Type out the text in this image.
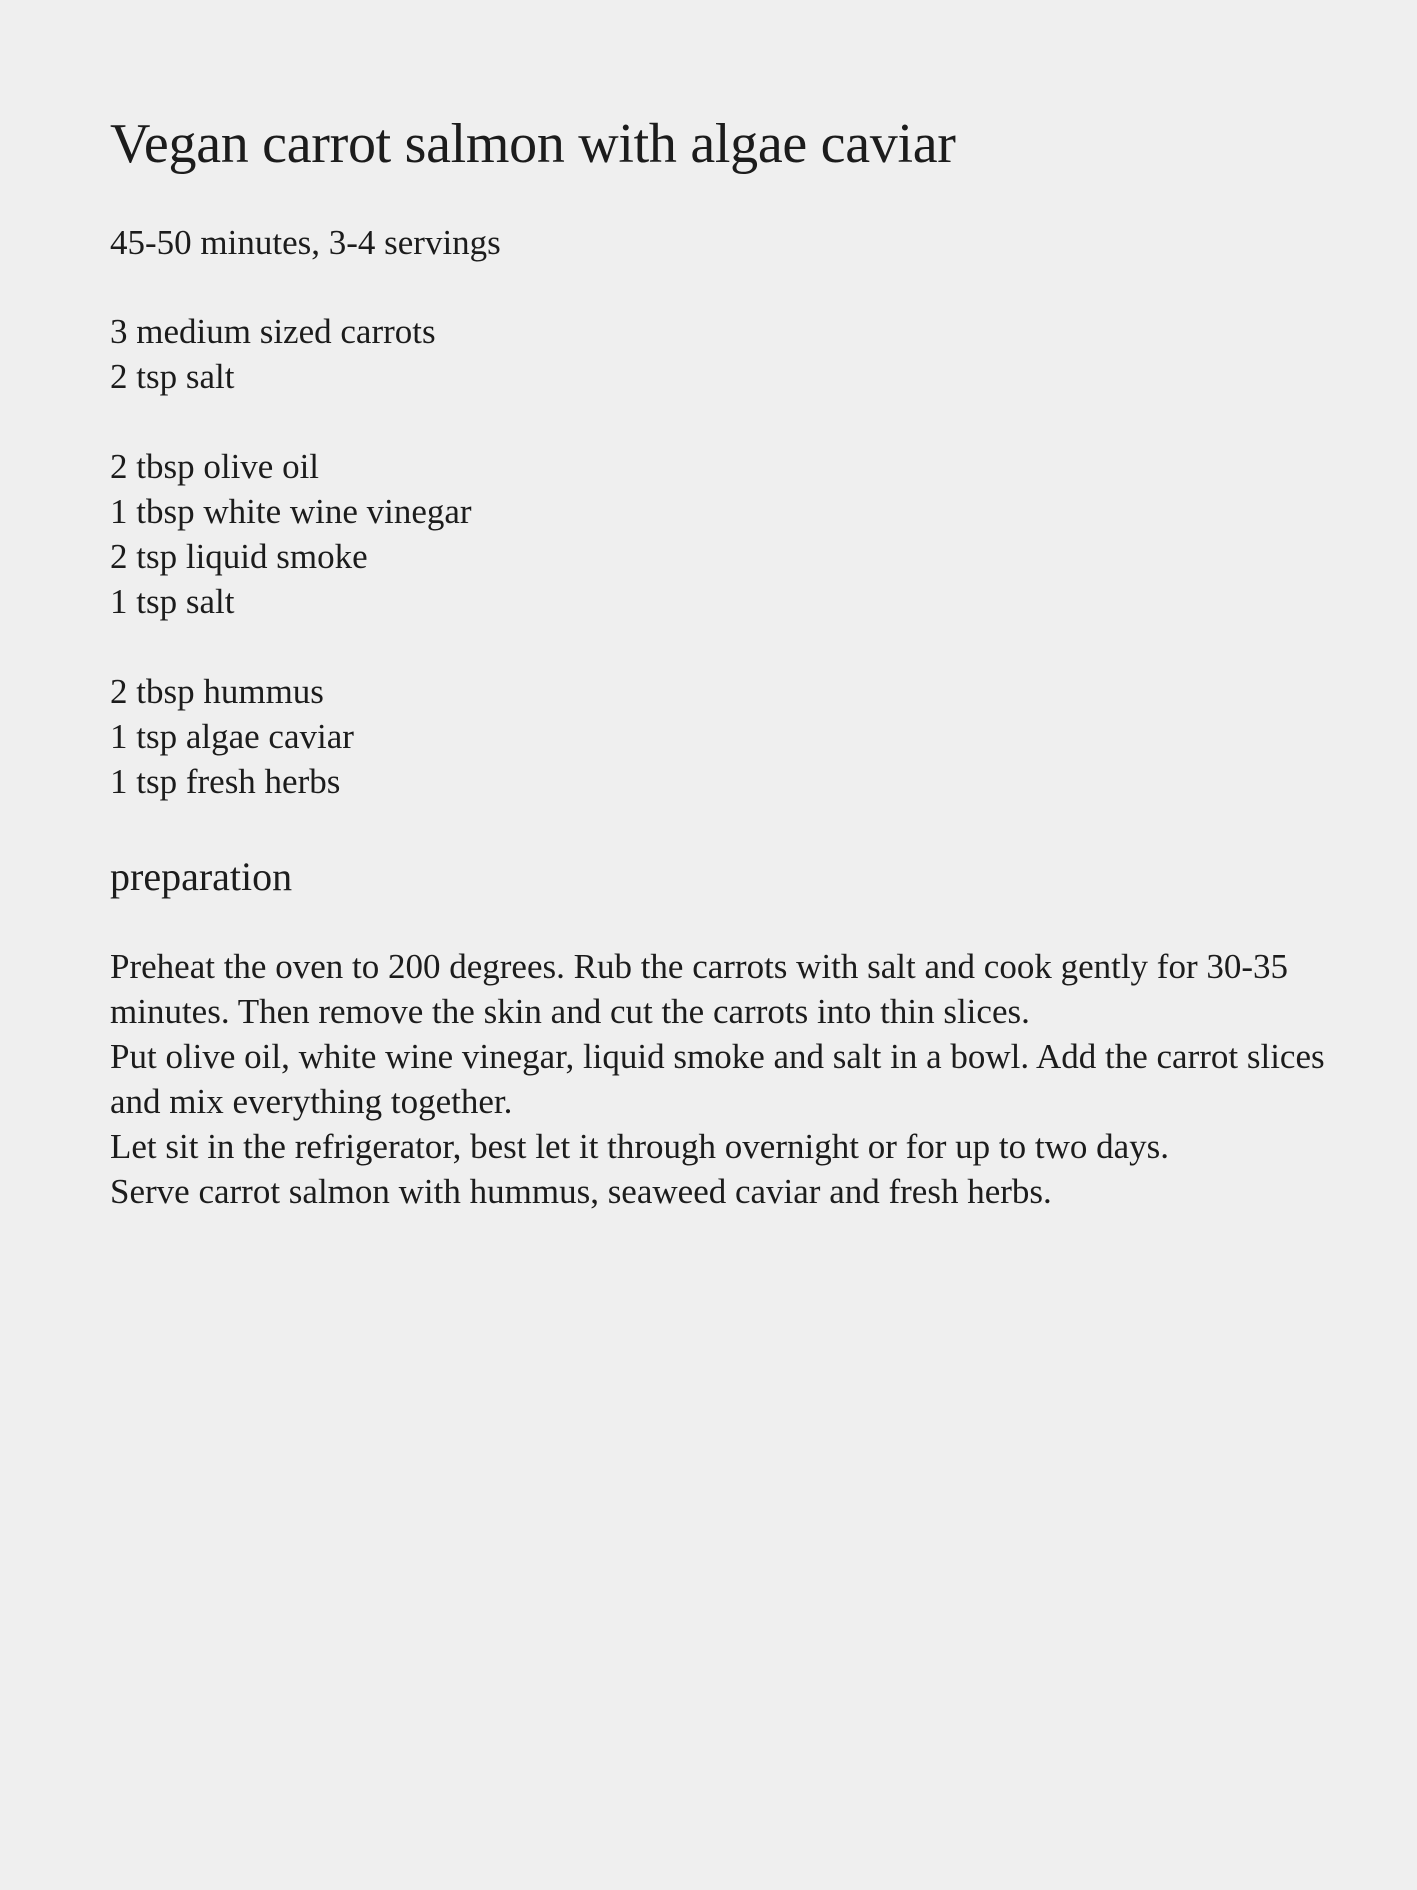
Vegan carrot salmon with algae caviar

45-50 minutes, 3-4 servings

3 medium sized carrots
2 tsp salt
2 tbsp olive oil
1 tbsp white wine vinegar
2 tsp liquid smoke
1 tsp salt
2 tbsp hummus
1 tsp algae caviar
1 tsp fresh herbs
preparation
Preheat the oven to 200 degrees. Rub the carrots with salt and cook gently for 30-35 minutes. Then remove the skin and cut the carrots into thin slices.
Put olive oil, white wine vinegar, liquid smoke and salt in a bowl. Add the carrot slices and mix everything together.
Let sit in the refrigerator, best let it through overnight or for up to two days.
Serve carrot salmon with hummus, seaweed caviar and fresh herbs.
